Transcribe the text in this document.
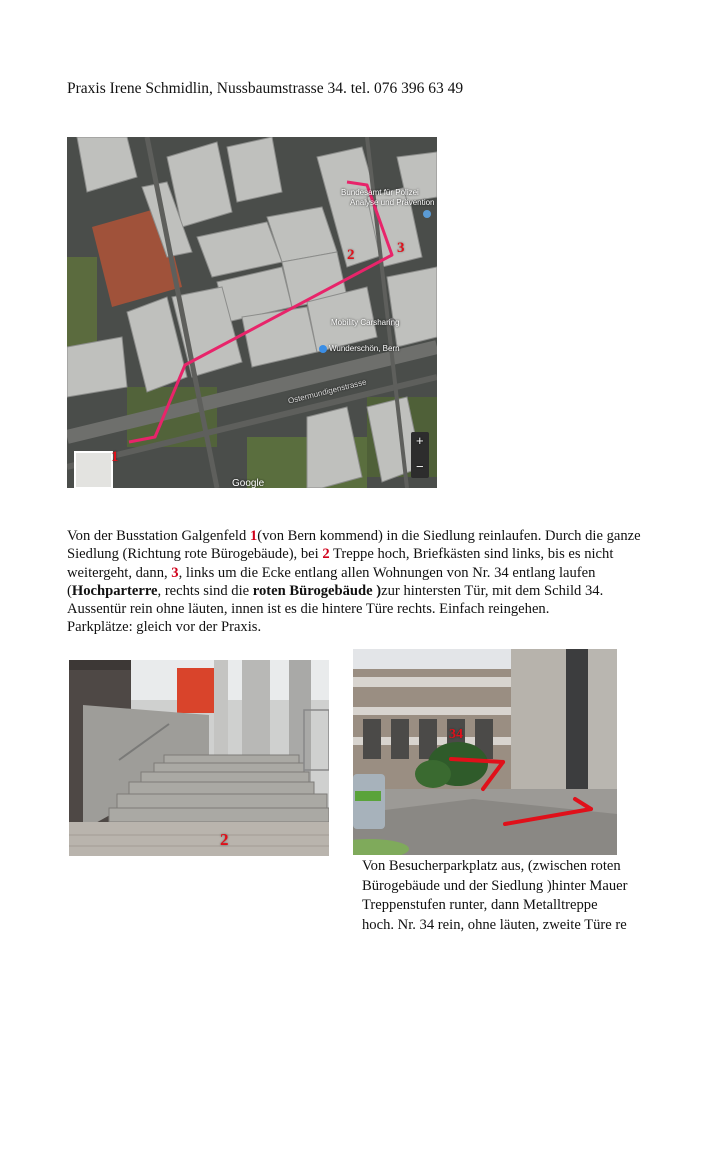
Praxis Irene Schmidlin, Nussbaumstrasse 34. tel. 076 396 63 49
Bundesamt für Polizei
Analyse und Prävention
Mobility Carsharing
Wunderschön, Bern
Ostermundigenstrasse
Google
+
−
1
2	3
Von der Busstation Galgenfeld 1(von Bern kommend) in die Siedlung reinlaufen. Durch die ganze
Siedlung (Richtung rote Bürogebäude), bei 2 Treppe hoch, Briefkästen sind links, bis es nicht
weitergeht, dann, 3, links um die Ecke entlang allen Wohnungen von Nr. 34 entlang laufen
(Hochparterre, rechts sind die roten Bürogebäude )zur hintersten Tür, mit dem Schild 34.
Aussentür rein ohne läuten, innen ist es die hintere Türe rechts. Einfach reingehen.
Parkplätze: gleich vor der Praxis.
2
34
Von Besucherparkplatz aus, (zwischen roten
Bürogebäude und der Siedlung )hinter Mauer
Treppenstufen runter, dann Metalltreppe
hoch. Nr. 34 rein, ohne läuten, zweite Türe re
